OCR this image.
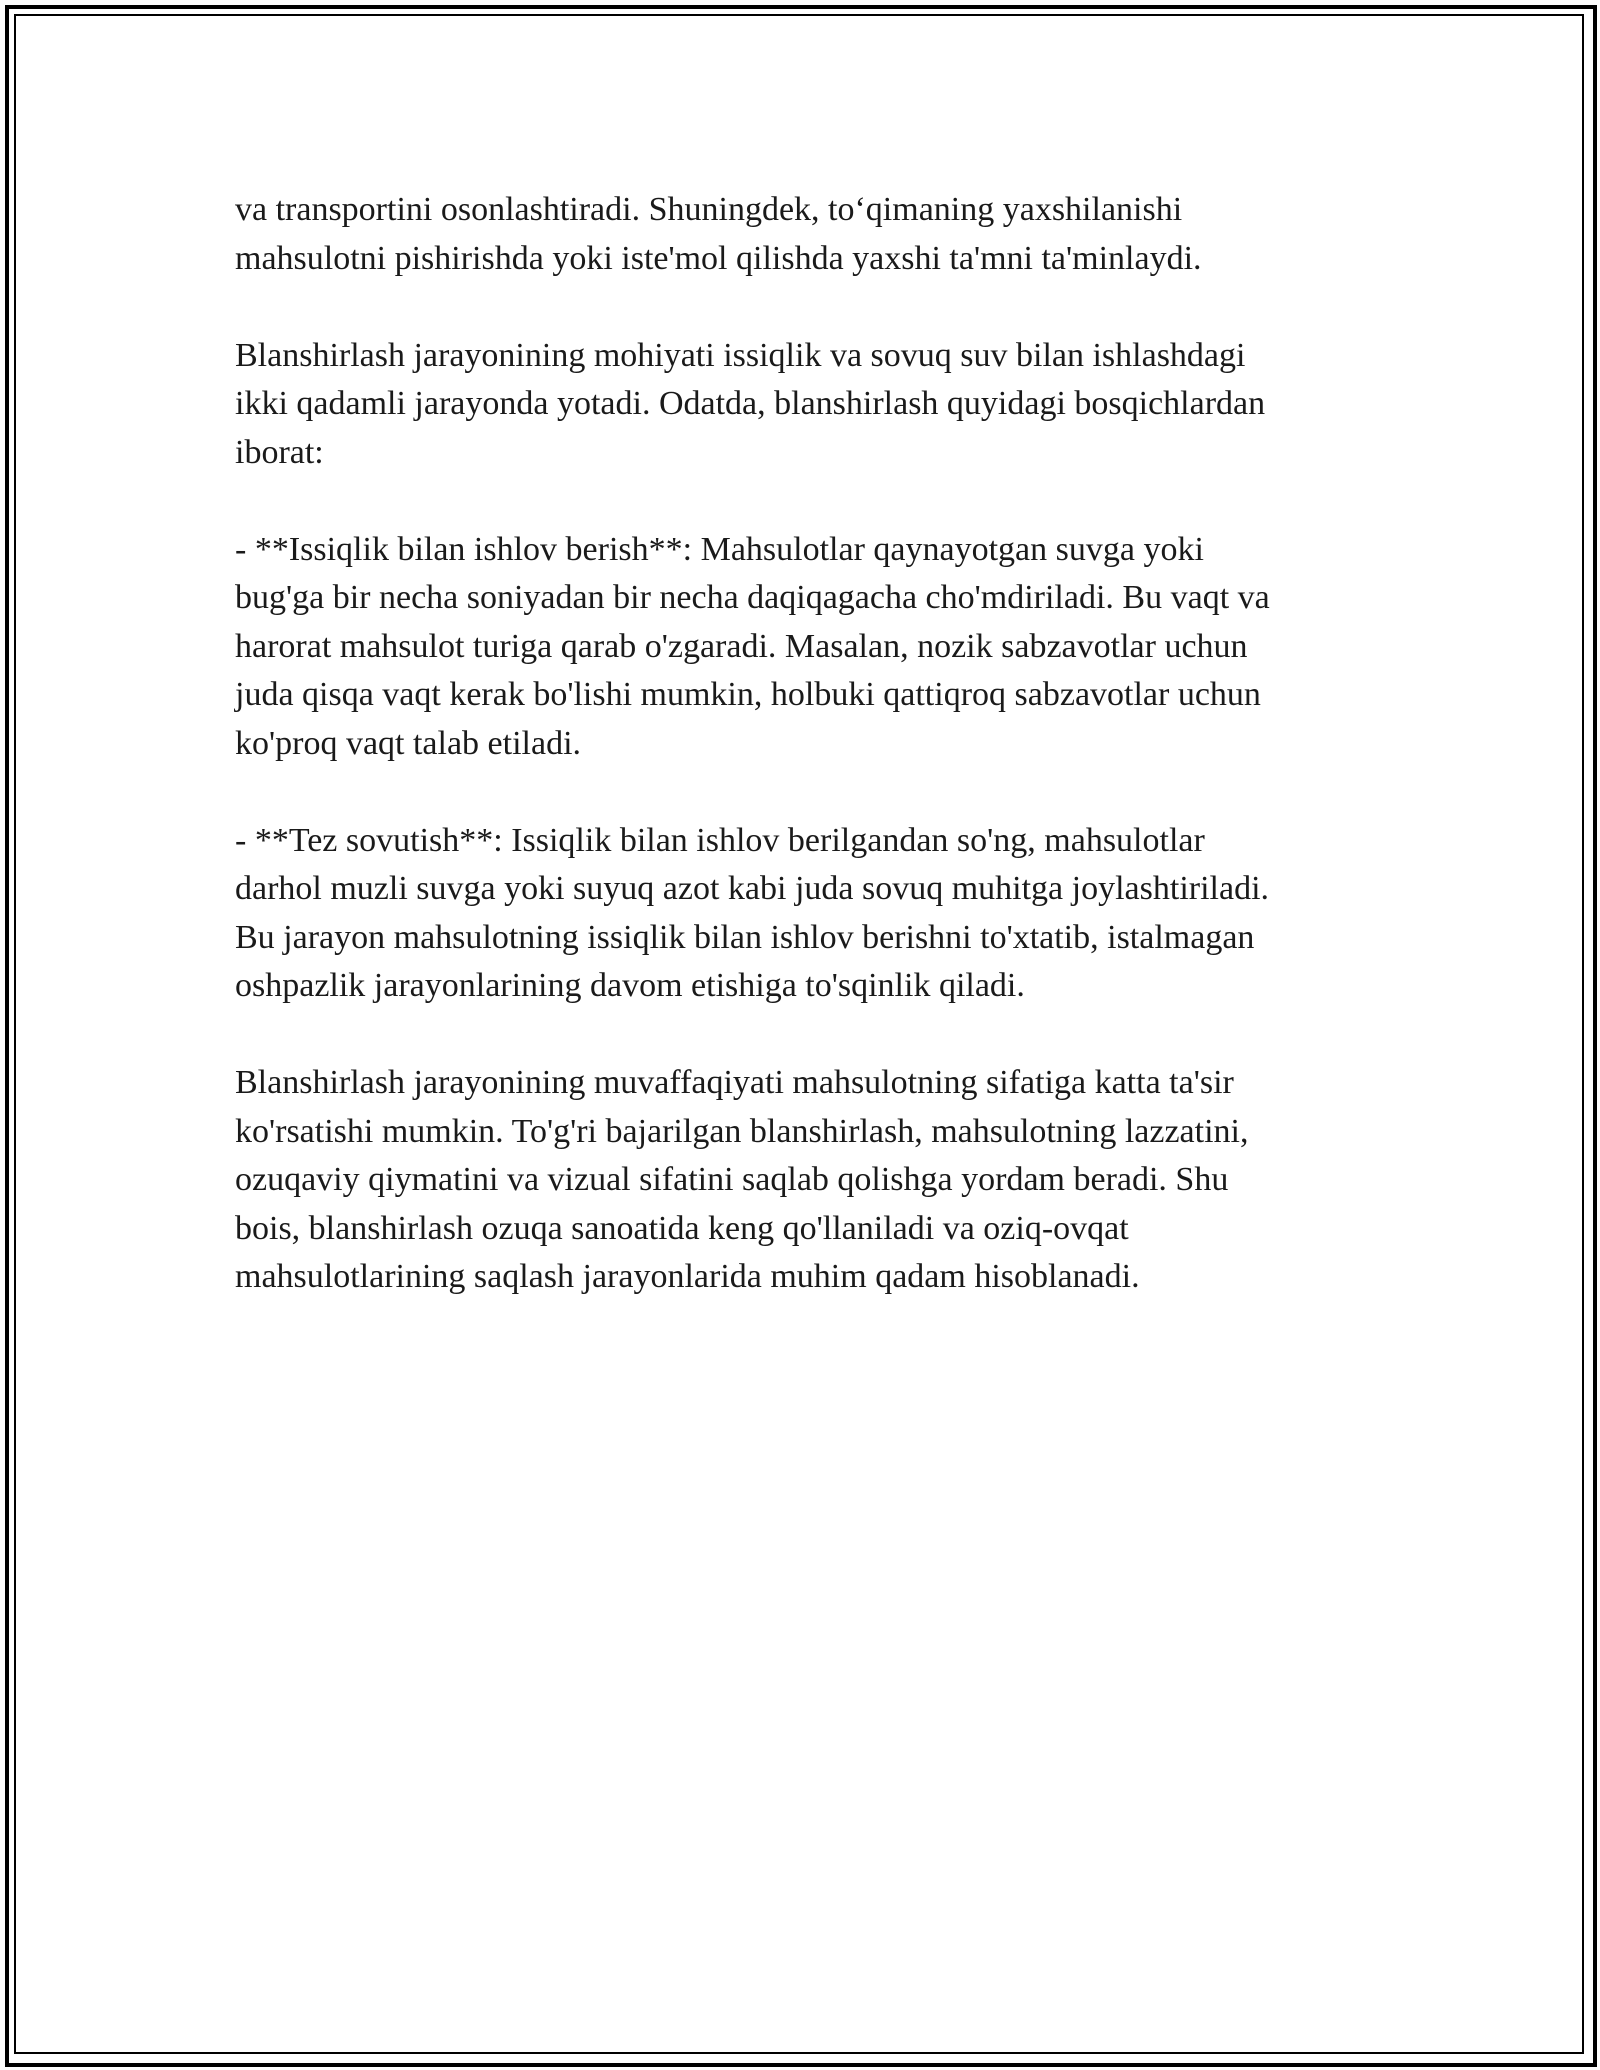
va transportini osonlashtiradi. Shuningdek, to‘qimaning yaxshilanishi
mahsulotni pishirishda yoki iste'mol qilishda yaxshi ta'mni ta'minlaydi.

Blanshirlash jarayonining mohiyati issiqlik va sovuq suv bilan ishlashdagi
ikki qadamli jarayonda yotadi. Odatda, blanshirlash quyidagi bosqichlardan
iborat:

- **Issiqlik bilan ishlov berish**: Mahsulotlar qaynayotgan suvga yoki
bug'ga bir necha soniyadan bir necha daqiqagacha cho'mdiriladi. Bu vaqt va
harorat mahsulot turiga qarab o'zgaradi. Masalan, nozik sabzavotlar uchun
juda qisqa vaqt kerak bo'lishi mumkin, holbuki qattiqroq sabzavotlar uchun
ko'proq vaqt talab etiladi.

- **Tez sovutish**: Issiqlik bilan ishlov berilgandan so'ng, mahsulotlar
darhol muzli suvga yoki suyuq azot kabi juda sovuq muhitga joylashtiriladi.
Bu jarayon mahsulotning issiqlik bilan ishlov berishni to'xtatib, istalmagan
oshpazlik jarayonlarining davom etishiga to'sqinlik qiladi.

Blanshirlash jarayonining muvaffaqiyati mahsulotning sifatiga katta ta'sir
ko'rsatishi mumkin. To'g'ri bajarilgan blanshirlash, mahsulotning lazzatini,
ozuqaviy qiymatini va vizual sifatini saqlab qolishga yordam beradi. Shu
bois, blanshirlash ozuqa sanoatida keng qo'llaniladi va oziq-ovqat
mahsulotlarining saqlash jarayonlarida muhim qadam hisoblanadi.
